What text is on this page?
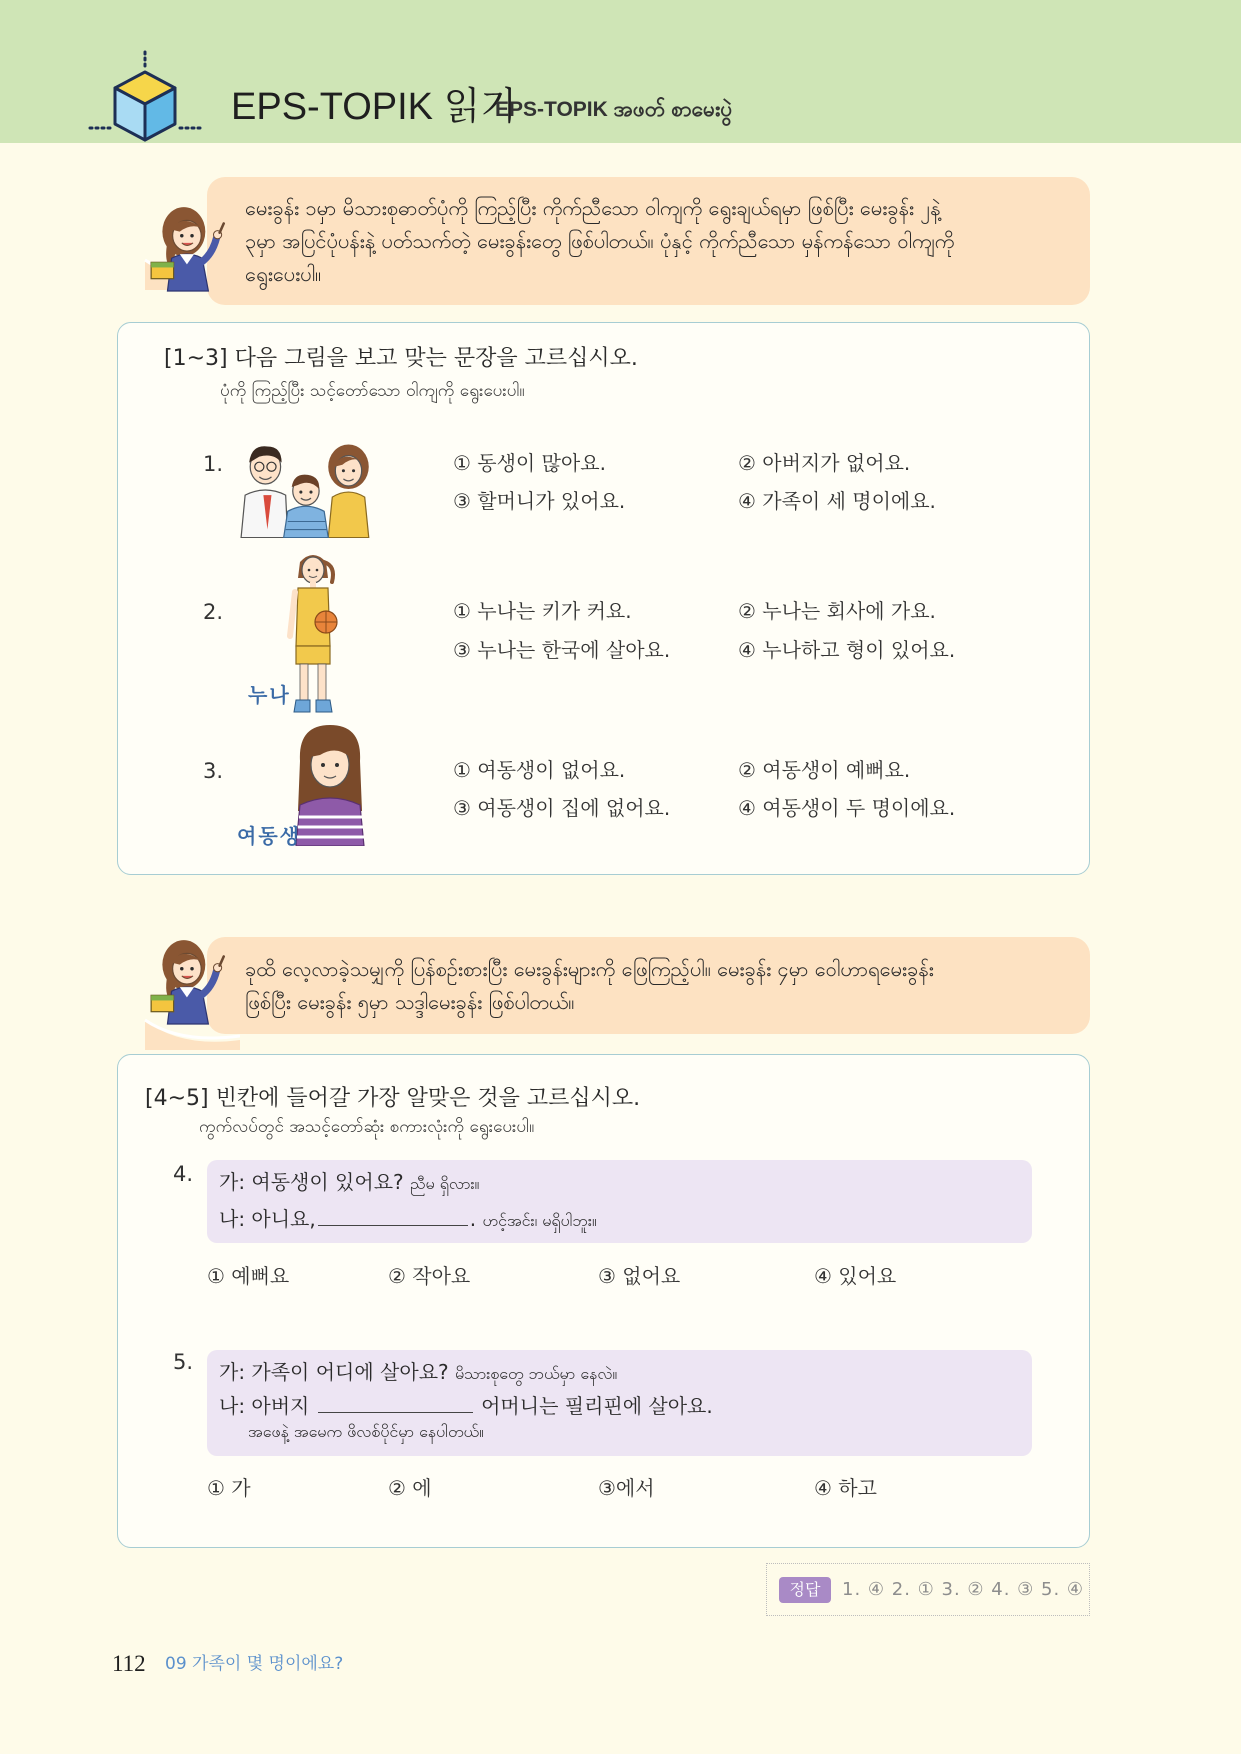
EPS-TOPIK 읽기
EPS-TOPIK အဖတ် စာမေးပွဲ
မေးခွန်း ၁မှာ မိသားစုဓာတ်ပုံကို ကြည့်ပြီး ကိုက်ညီသော ဝါကျကို ရွေးချယ်ရမှာ ဖြစ်ပြီး မေးခွန်း ၂နဲ့
၃မှာ အပြင်ပုံပန်းနဲ့ ပတ်သက်တဲ့ မေးခွန်းတွေ ဖြစ်ပါတယ်။ ပုံနှင့် ကိုက်ညီသော မှန်ကန်သော ဝါကျကို
ရွေးပေးပါ။
[1~3] 다음 그림을 보고 맞는 문장을 고르십시오.
ပုံကို ကြည့်ပြီး သင့်တော်သော ဝါကျကို ရွေးပေးပါ။
1.	① 동생이 많아요.	② 아버지가 없어요.
③ 할머니가 있어요.	④ 가족이 세 명이에요.
2.
누나
① 누나는 키가 커요.	② 누나는 회사에 가요.
③ 누나는 한국에 살아요.	④ 누나하고 형이 있어요.
3.
여동생
① 여동생이 없어요.	② 여동생이 예뻐요.
③ 여동생이 집에 없어요.	④ 여동생이 두 명이에요.
ခုထိ လေ့လာခဲ့သမျှကို ပြန်စဉ်းစားပြီး မေးခွန်းများကို ဖြေကြည့်ပါ။ မေးခွန်း ၄မှာ ဝေါဟာရမေးခွန်း
ဖြစ်ပြီး မေးခွန်း ၅မှာ သဒ္ဒါမေးခွန်း ဖြစ်ပါတယ်။
[4~5] 빈칸에 들어갈 가장 알맞은 것을 고르십시오.
ကွက်လပ်တွင် အသင့်တော်ဆုံး စကားလုံးကို ရွေးပေးပါ။
4. 가: 여동생이 있어요? ညီမ ရှိလား။
나: 아니요,	. ဟင့်အင်း၊ မရှိပါဘူး။
① 예뻐요	② 작아요	③ 없어요	④ 있어요
5. 가: 가족이 어디에 살아요? မိသားစုတွေ ဘယ်မှာ နေလဲ။
나: 아버지	어머니는 필리핀에 살아요.
အဖေနဲ့ အမေက ဖိလစ်ပိုင်မှာ နေပါတယ်။
① 가	② 에	③에서	④ 하고
정답	1. ④ 2. ① 3. ② 4. ③ 5. ④
112 09 가족이 몇 명이에요?
